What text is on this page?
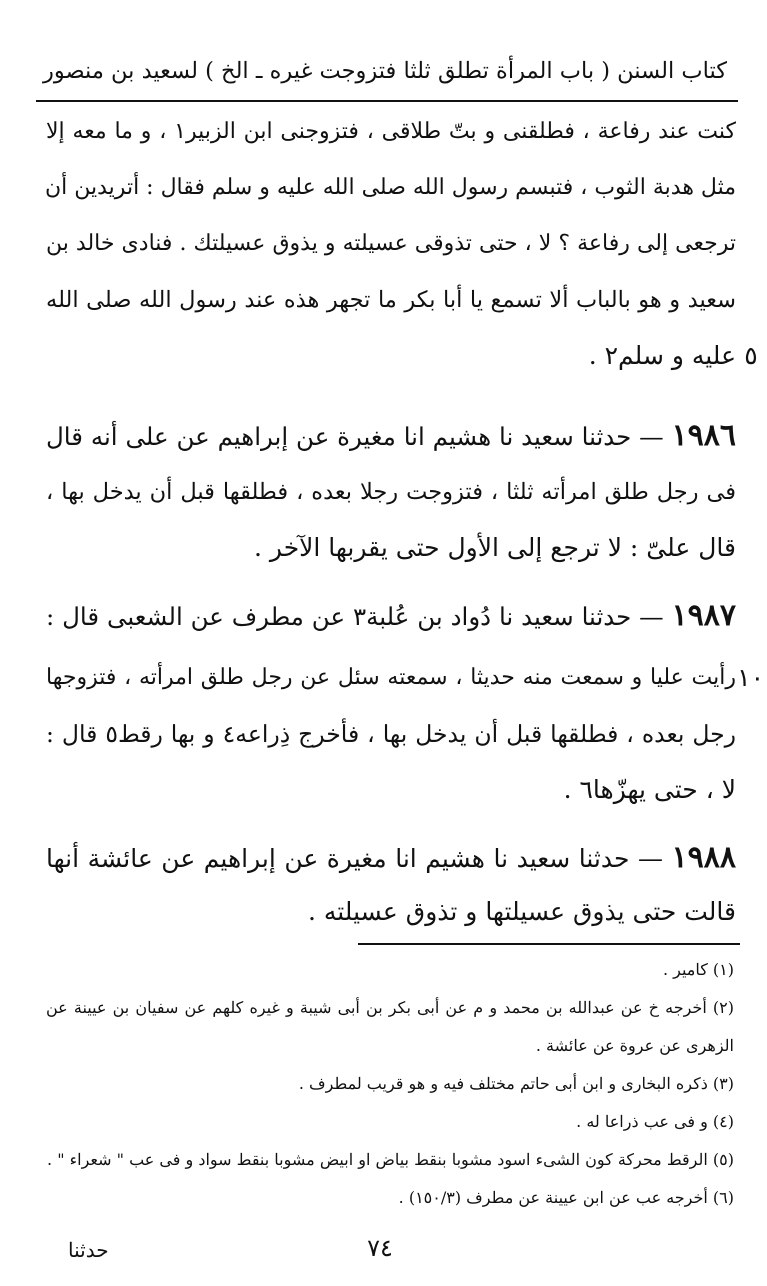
كتاب السنن ( باب المرأة تطلق ثلثا فتزوجت غيره ـ الخ ) لسعيد بن منصور
كنت عند رفاعة ، فطلقنى و بتّ طلاقى ، فتزوجنى ابن الزبير١ ، و ما معه إلا
مثل هدبة الثوب ، فتبسم رسول الله صلى الله عليه و سلم فقال : أتريدين أن
ترجعى إلى رفاعة ؟ لا ، حتى تذوقى عسيلته و يذوق عسيلتك . فنادى خالد بن
سعيد و هو بالباب ألا تسمع يا أبا بكر ما تجهر هذه عند رسول الله صلى الله
عليه و سلم٢ . ٥
١٩٨٦ — حدثنا سعيد نا هشيم انا مغيرة عن إبراهيم عن على أنه قال
فى رجل طلق امرأته ثلثا ، فتزوجت رجلا بعده ، فطلقها قبل أن يدخل بها ،
قال علىّ : لا ترجع إلى الأول حتى يقربها الآخر .
١٩٨٧ — حدثنا سعيد نا دُواد بن عُلبة٣ عن مطرف عن الشعبى قال :
رأيت عليا و سمعت منه حديثا ، سمعته سئل عن رجل طلق امرأته ، فتزوجها ١٠
رجل بعده ، فطلقها قبل أن يدخل بها ، فأخرج ذِراعه٤ و بها رقط٥ قال :
لا ، حتى يهزّها٦ .
١٩٨٨ — حدثنا سعيد نا هشيم انا مغيرة عن إبراهيم عن عائشة أنها
قالت حتى يذوق عسيلتها و تذوق عسيلته .
(١) كامير .
(٢) أخرجه خ عن عبدالله بن محمد و م عن أبى بكر بن أبى شيبة و غيره كلهم عن سفيان بن عيينة عن
الزهرى عن عروة عن عائشة .
(٣) ذكره البخارى و ابن أبى حاتم مختلف فيه و هو قريب لمطرف .
(٤) و فى عب ذراعا له .
(٥) الرقط محركة كون الشىء اسود مشوبا بنقط بياض او ابيض مشوبا بنقط سواد و فى عب " شعراء " .
(٦) أخرجه عب عن ابن عيينة عن مطرف (١٥٠/٣) .
٧٤
حدثنا
